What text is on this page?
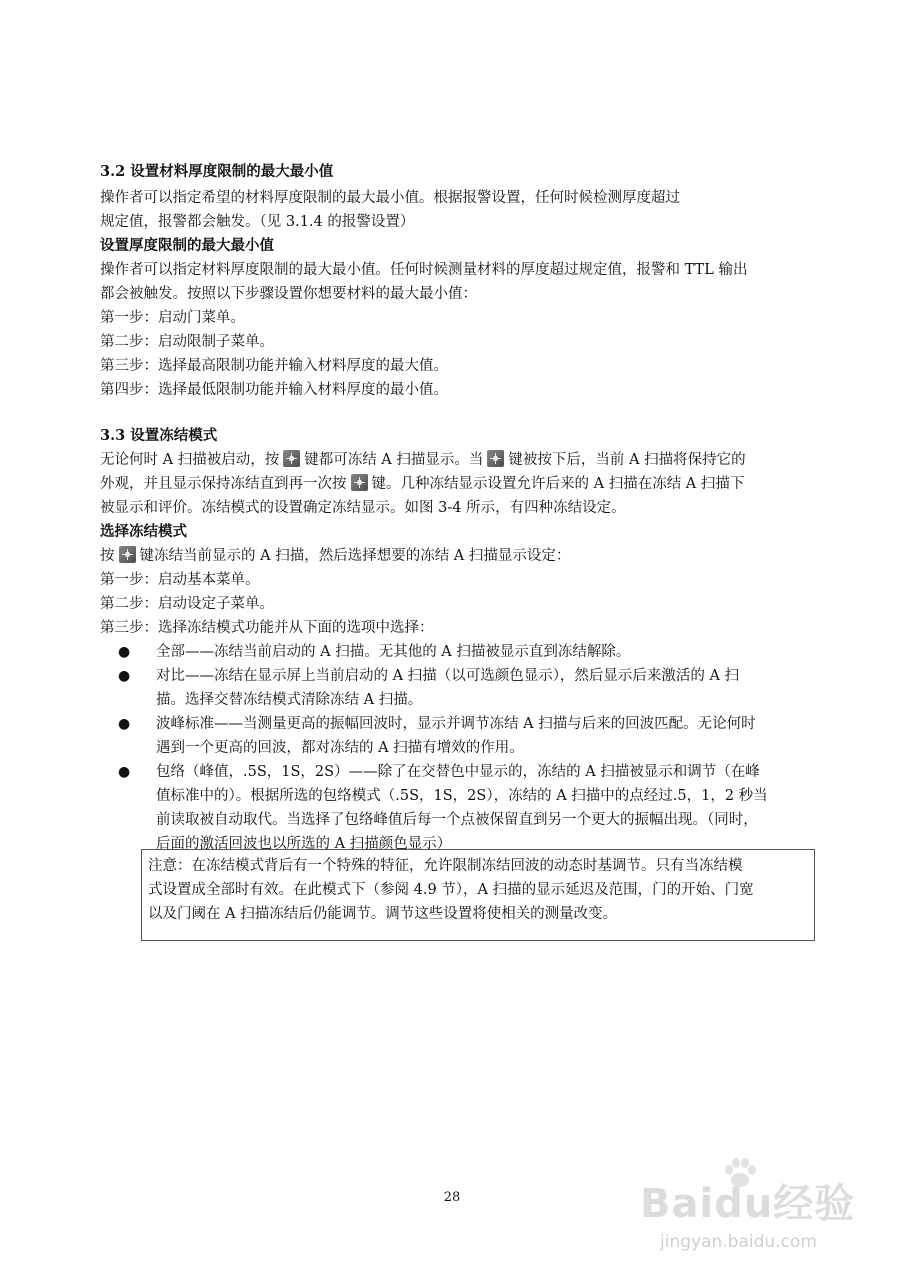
3.2 设置材料厚度限制的最大最小值
操作者可以指定希望的材料厚度限制的最大最小值。根据报警设置，任何时候检测厚度超过
规定值，报警都会触发。（见 3.1.4 的报警设置）
设置厚度限制的最大最小值
操作者可以指定材料厚度限制的最大最小值。任何时候测量材料的厚度超过规定值，报警和 TTL 输出
都会被触发。按照以下步骤设置你想要材料的最大最小值：
第一步：启动门菜单。
第二步：启动限制子菜单。
第三步：选择最高限制功能并输入材料厚度的最大值。
第四步：选择最低限制功能并输入材料厚度的最小值。
3.3 设置冻结模式
无论何时 A 扫描被启动，按 键都可冻结 A 扫描显示。当 键被按下后，当前 A 扫描将保持它的
外观，并且显示保持冻结直到再一次按 键。几种冻结显示设置允许后来的 A 扫描在冻结 A 扫描下
被显示和评价。冻结模式的设置确定冻结显示。如图 3-4 所示，有四种冻结设定。
选择冻结模式
按 键冻结当前显示的 A 扫描，然后选择想要的冻结 A 扫描显示设定：
第一步：启动基本菜单。
第二步：启动设定子菜单。
第三步：选择冻结模式功能并从下面的选项中选择：
● 全部——冻结当前启动的 A 扫描。无其他的 A 扫描被显示直到冻结解除。
● 对比——冻结在显示屏上当前启动的 A 扫描（以可选颜色显示），然后显示后来激活的 A 扫
描。选择交替冻结模式清除冻结 A 扫描。
● 波峰标准——当测量更高的振幅回波时，显示并调节冻结 A 扫描与后来的回波匹配。无论何时
遇到一个更高的回波，都对冻结的 A 扫描有增效的作用。
● 包络（峰值，.5S，1S，2S）——除了在交替色中显示的，冻结的 A 扫描被显示和调节（在峰
值标准中的）。根据所选的包络模式（.5S，1S，2S），冻结的 A 扫描中的点经过.5，1，2 秒当
前读取被自动取代。当选择了包络峰值后每一个点被保留直到另一个更大的振幅出现。（同时，
后面的激活回波也以所选的 A 扫描颜色显示）
注意：在冻结模式背后有一个特殊的特征，允许限制冻结回波的动态时基调节。只有当冻结模
式设置成全部时有效。在此模式下（参阅 4.9 节），A 扫描的显示延迟及范围，门的开始、门宽
以及门阈在 A 扫描冻结后仍能调节。调节这些设置将使相关的测量改变。
28	Baidu经验
jingyan.baidu.com
